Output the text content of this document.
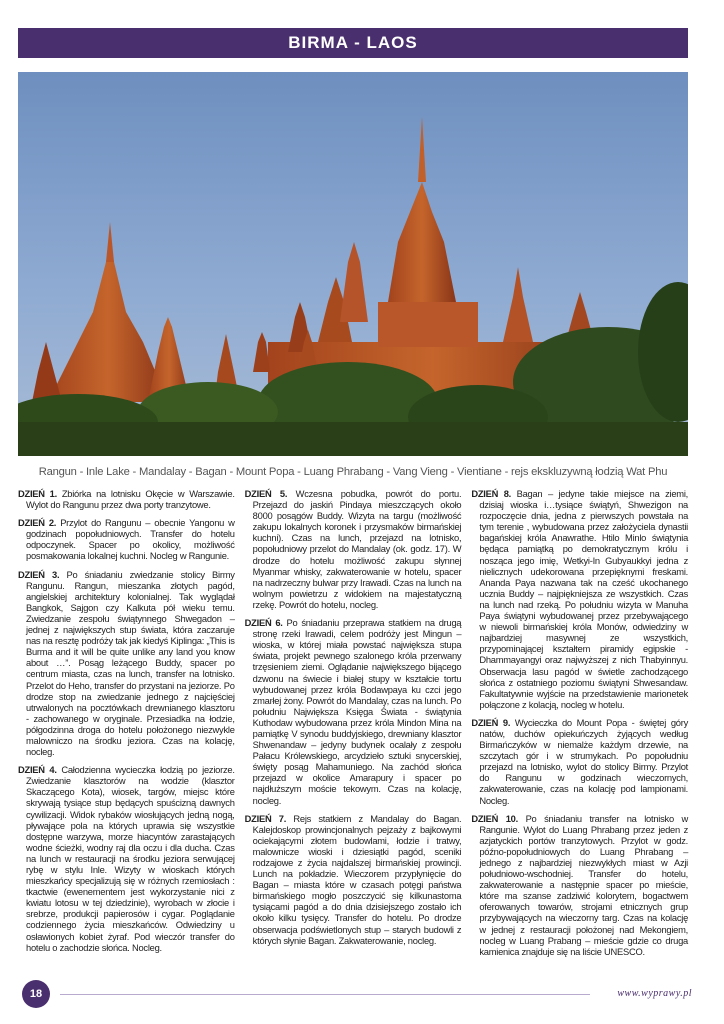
BIRMA - LAOS
Rangun - Inle Lake - Mandalay - Bagan - Mount Popa - Luang Phrabang - Vang Vieng - Vientiane - rejs ekskluzywną łodzią Wat Phu

DZIEŃ 1. Zbiórka na lotnisku Okęcie w Warszawie. Wylot do Rangunu przez dwa porty tranzytowe.

DZIEŃ 2. Przylot do Rangunu – obecnie Yangonu w godzinach popołudniowych. Transfer do hotelu odpoczynek. Spacer po okolicy, możliwość posmakowania lokalnej kuchni. Nocleg w Rangunie.

DZIEŃ 3. Po śniadaniu zwiedzanie stolicy Birmy Rangunu. Rangun, mieszanka złotych pagód, angielskiej architektury kolonialnej. Tak wyglądał Bangkok, Sajgon czy Kalkuta pół wieku temu. Zwiedzanie zespołu świątynnego Shwegadon – jednej z największych stup świata, która zaczaruje nas na resztę podróży tak jak kiedyś Kiplinga: „This is Burma and it will be quite unlike any land you know about …”. Posąg leżącego Buddy, spacer po centrum miasta, czas na lunch, transfer na lotnisko. Przelot do Heho, transfer do przystani na jeziorze. Po drodze stop na zwiedzanie jednego z najcięściej utrwalonych na pocztówkach drewnianego klasztoru - zachowanego w oryginale. Przesiadka na łodzie, półgodzinna droga do hotelu położonego niezwykle malowniczo na środku jeziora. Czas na kolację, nocleg.

DZIEŃ 4. Całodzienna wycieczka łodzią po jeziorze. Zwiedzanie klasztorów na wodzie (klasztor Skaczącego Kota), wiosek, targów, miejsc które skrywają tysiące stup będących spuścizną dawnych cywilizacji. Widok rybaków wiosłujących jedną nogą, pływające pola na których uprawia się wszystkie dostępne warzywa, morze hiacyntów zarastających wodne ścieżki, wodny raj dla oczu i dla ducha. Czas na lunch w restauracji na środku jeziora serwującej rybę w stylu Inle. Wizyty w wioskach których mieszkańcy specjalizują się w różnych rzemiosłach : tkactwie (ewenementem jest wykorzystanie nici z kwiatu lotosu w tej dziedzinie), wyrobach w złocie i srebrze, produkcji papierosów i cygar. Poglądanie codziennego życia mieszkańców. Odwiedziny u osławionych kobiet żyraf. Pod wieczór transfer do hotelu o zachodzie słońca. Nocleg.

DZIEŃ 5. Wczesna pobudka, powrót do portu. Przejazd do jaskiń Pindaya mieszczących około 8000 posągów Buddy. Wizyta na targu (możliwość zakupu lokalnych koronek i przysmaków birmańskiej kuchni). Czas na lunch, przejazd na lotnisko, popołudniowy przelot do Mandalay (ok. godz. 17). W drodze do hotelu możliwość zakupu słynnej Myanmar whisky, zakwaterowanie w hotelu, spacer na nadrzeczny bulwar przy Irawadi. Czas na lunch na wolnym powietrzu z widokiem na majestatyczną rzekę. Powrót do hotelu, nocleg.

DZIEŃ 6. Po śniadaniu przeprawa statkiem na drugą stronę rzeki Irawadi, celem podróży jest Mingun – wioska, w której miała powstać największa stupa świata, projekt pewnego szalonego króla przerwany trzęsieniem ziemi. Oglądanie największego bijącego dzwonu na świecie i białej stupy w kształcie tortu wybudowanej przez króla Bodawpaya ku czci jego zmarłej żony. Powrót do Mandalay, czas na lunch. Po południu Największa Księga Świata - świątynia Kuthodaw wybudowana przez króla Mindon Mina na pamiątkę V synodu buddyjskiego, drewniany klasztor Shwenandaw – jedyny budynek ocalały z zespołu Pałacu Królewskiego, arcydzieło sztuki snycerskiej, święty posąg Mahamuniego. Na zachód słońca przejazd w okolice Amarapury i spacer po najdłuższym moście tekowym. Czas na kolację, nocleg.

DZIEŃ 7. Rejs statkiem z Mandalay do Bagan. Kalejdoskop prowincjonalnych pejzaży z bajkowymi ociekającymi złotem budowlami, łodzie i tratwy, malownicze wioski i dziesiątki pagód, sceniki rodzajowe z życia najdalszej birmańskiej prowincji. Lunch na pokładzie. Wieczorem przypłynięcie do Bagan – miasta które w czasach potęgi państwa birmańskiego mogło poszczycić się kilkunastoma tysiącami pagód a do dnia dzisiejszego zostało ich około kilku tysięcy. Transfer do hotelu. Po drodze obserwacja podświetlonych stup – starych budowli z których słynie Bagan. Zakwaterowanie, nocleg.

DZIEŃ 8. Bagan – jedyne takie miejsce na ziemi, dzisiaj wioska i…tysiące świątyń, Shwezigon na rozpoczęcie dnia, jedna z pierwszych powstała na tym terenie , wybudowana przez założyciela dynastii bagańskiej króla Anawrathe. Htilo Minlo świątynia będąca pamiątką po demokratycznym królu i nosząca jego imię, Wetkyi-In Gubyaukkyi jedna z nielicznych udekorowana przepięknymi freskami. Ananda Paya nazwana tak na cześć ukochanego ucznia Buddy – najpiękniejsza ze wszystkich. Czas na lunch nad rzeką. Po południu wizyta w Manuha Paya świątyni wybudowanej przez przebywającego w niewoli birmańskiej króla Monów, odwiedziny w najbardziej masywnej ze wszystkich, przypominającej kształtem piramidy egipskie - Dhammayangyi oraz najwyższej z nich Thabyinnyu. Obserwacja lasu pagód w świetle zachodzącego słońca z ostatniego poziomu świątyni Shwesandaw. Fakultatywnie wyjście na przedstawienie marionetek połączone z kolacją, nocleg w hotelu.

DZIEŃ 9. Wycieczka do Mount Popa - świętej góry natów, duchów opiekuńczych żyjących według Birmańczyków w niemalże każdym drzewie, na szczytach gór i w strumykach. Po popołudniu przejazd na lotnisko, wylot do stolicy Birmy. Przylot do Rangunu w godzinach wieczornych, zakwaterowanie, czas na kolację pod lampionami. Nocleg.

DZIEŃ 10. Po śniadaniu transfer na lotnisko w Rangunie. Wylot do Luang Phrabang przez jeden z azjatyckich portów tranzytowych. Przylot w godz. późno-popołudniowych do Luang Phrabang – jednego z najbardziej niezwykłych miast w Azji południowo-wschodniej. Transfer do hotelu, zakwaterowanie a następnie spacer po mieście, które ma szanse zadziwić kolorytem, bogactwem oferowanych towarów, strojami etnicznych grup przybywających na wieczorny targ. Czas na kolację w jednej z restauracji położonej nad Mekongiem, nocleg w Luang Prabang – mieście gdzie co druga kamienica znajduje się na liście UNESCO.

18	www.wyprawy.pl
